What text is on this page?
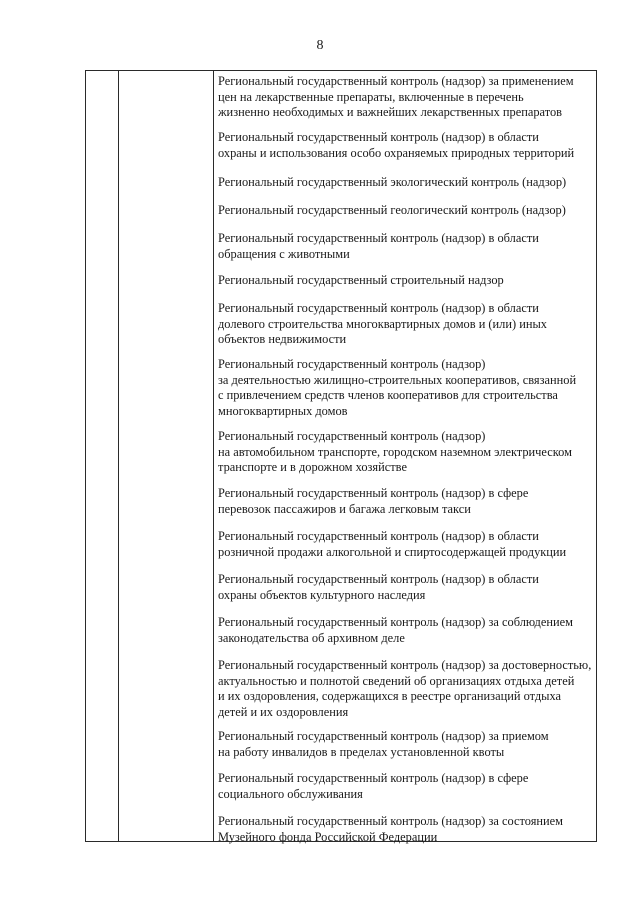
8
Региональный государственный контроль (надзор) за применением
цен на лекарственные препараты, включенные в перечень
жизненно необходимых и важнейших лекарственных препаратов
Региональный государственный контроль (надзор) в области
охраны и использования особо охраняемых природных территорий
Региональный государственный экологический контроль (надзор)
Региональный государственный геологический контроль (надзор)
Региональный государственный контроль (надзор) в области
обращения с животными
Региональный государственный строительный надзор
Региональный государственный контроль (надзор) в области
долевого строительства многоквартирных домов и (или) иных
объектов недвижимости
Региональный государственный контроль (надзор)
за деятельностью жилищно-строительных кооперативов, связанной
с привлечением средств членов кооперативов для строительства
многоквартирных домов
Региональный государственный контроль (надзор)
на автомобильном транспорте, городском наземном электрическом
транспорте и в дорожном хозяйстве
Региональный государственный контроль (надзор) в сфере
перевозок пассажиров и багажа легковым такси
Региональный государственный контроль (надзор) в области
розничной продажи алкогольной и спиртосодержащей продукции
Региональный государственный контроль (надзор) в области
охраны объектов культурного наследия
Региональный государственный контроль (надзор) за соблюдением
законодательства об архивном деле
Региональный государственный контроль (надзор) за достоверностью,
актуальностью и полнотой сведений об организациях отдыха детей
и их оздоровления, содержащихся в реестре организаций отдыха
детей и их оздоровления
Региональный государственный контроль (надзор) за приемом
на работу инвалидов в пределах установленной квоты
Региональный государственный контроль (надзор) в сфере
социального обслуживания
Региональный государственный контроль (надзор) за состоянием
Музейного фонда Российской Федерации
